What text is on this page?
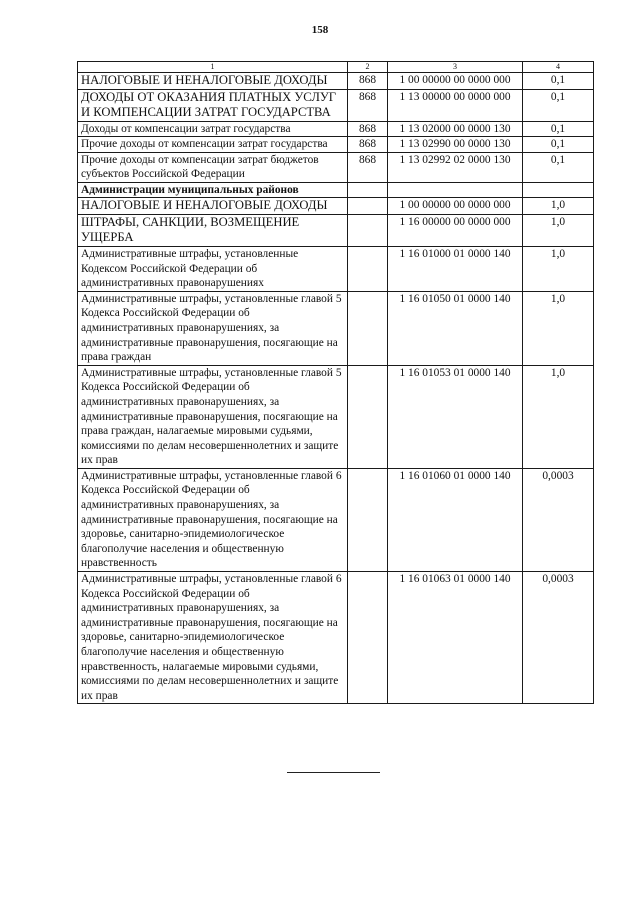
158
1	2	3	4
НАЛОГОВЫЕ И НЕНАЛОГОВЫЕ ДОХОДЫ	868	1 00 00000 00 0000 000	0,1
ДОХОДЫ ОТ ОКАЗАНИЯ ПЛАТНЫХ УСЛУГ И КОМПЕНСАЦИИ ЗАТРАТ ГОСУДАРСТВА	868	1 13 00000 00 0000 000	0,1
Доходы от компенсации затрат государства	868	1 13 02000 00 0000 130	0,1
Прочие доходы от компенсации затрат государства	868	1 13 02990 00 0000 130	0,1
Прочие доходы от компенсации затрат бюджетов субъектов Российской Федерации	868	1 13 02992 02 0000 130	0,1
Администрации муниципальных районов			
НАЛОГОВЫЕ И НЕНАЛОГОВЫЕ ДОХОДЫ		1 00 00000 00 0000 000	1,0
ШТРАФЫ, САНКЦИИ, ВОЗМЕЩЕНИЕ УЩЕРБА		1 16 00000 00 0000 000	1,0
Административные штрафы, установленные Кодексом Российской Федерации об административных правонарушениях		1 16 01000 01 0000 140	1,0
Административные штрафы, установленные главой 5 Кодекса Российской Федерации об административных правонарушениях, за административные правонарушения, посягающие на права граждан		1 16 01050 01 0000 140	1,0
Административные штрафы, установленные главой 5 Кодекса Российской Федерации об административных правонарушениях, за административные правонарушения, посягающие на права граждан, налагаемые мировыми судьями, комиссиями по делам несовершеннолетних и защите их прав		1 16 01053 01 0000 140	1,0
Административные штрафы, установленные главой 6 Кодекса Российской Федерации об административных правонарушениях, за административные правонарушения, посягающие на здоровье, санитарно-эпидемиологическое благополучие населения и общественную нравственность		1 16 01060 01 0000 140	0,0003
Административные штрафы, установленные главой 6 Кодекса Российской Федерации об административных правонарушениях, за административные правонарушения, посягающие на здоровье, санитарно-эпидемиологическое благополучие населения и общественную нравственность, налагаемые мировыми судьями, комиссиями по делам несовершеннолетних и защите их прав		1 16 01063 01 0000 140	0,0003
